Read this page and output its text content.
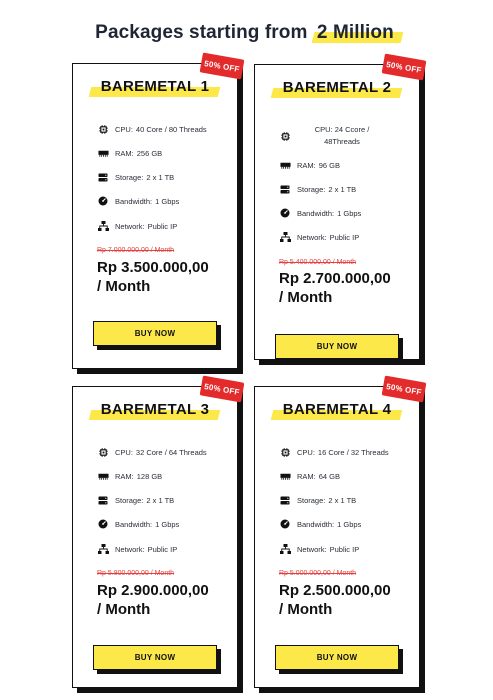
Packages starting from 2 Million
50% OFF
BAREMETAL 1
CPU: 40 Core / 80 Threads
RAM: 256 GB
Storage: 2 x 1 TB
Bandwidth: 1 Gbps
Network: Public IP
Rp 7.000.000,00 / Month
Rp 3.500.000,00
/ Month
BUY NOW
50% OFF
BAREMETAL 2
CPU: 24 Ccore / 48Threads
RAM: 96 GB
Storage: 2 x 1 TB
Bandwidth: 1 Gbps
Network: Public IP
Rp 5.400.000,00 / Month
Rp 2.700.000,00
/ Month
BUY NOW
50% OFF
BAREMETAL 3
CPU: 32 Core / 64 Threads
RAM: 128 GB
Storage: 2 x 1 TB
Bandwidth: 1 Gbps
Network: Public IP
Rp 5.800.000,00 / Month
Rp 2.900.000,00
/ Month
BUY NOW
50% OFF
BAREMETAL 4
CPU: 16 Core / 32 Threads
RAM: 64 GB
Storage: 2 x 1 TB
Bandwidth: 1 Gbps
Network: Public IP
Rp 5.000.000,00 / Month
Rp 2.500.000,00
/ Month
BUY NOW
